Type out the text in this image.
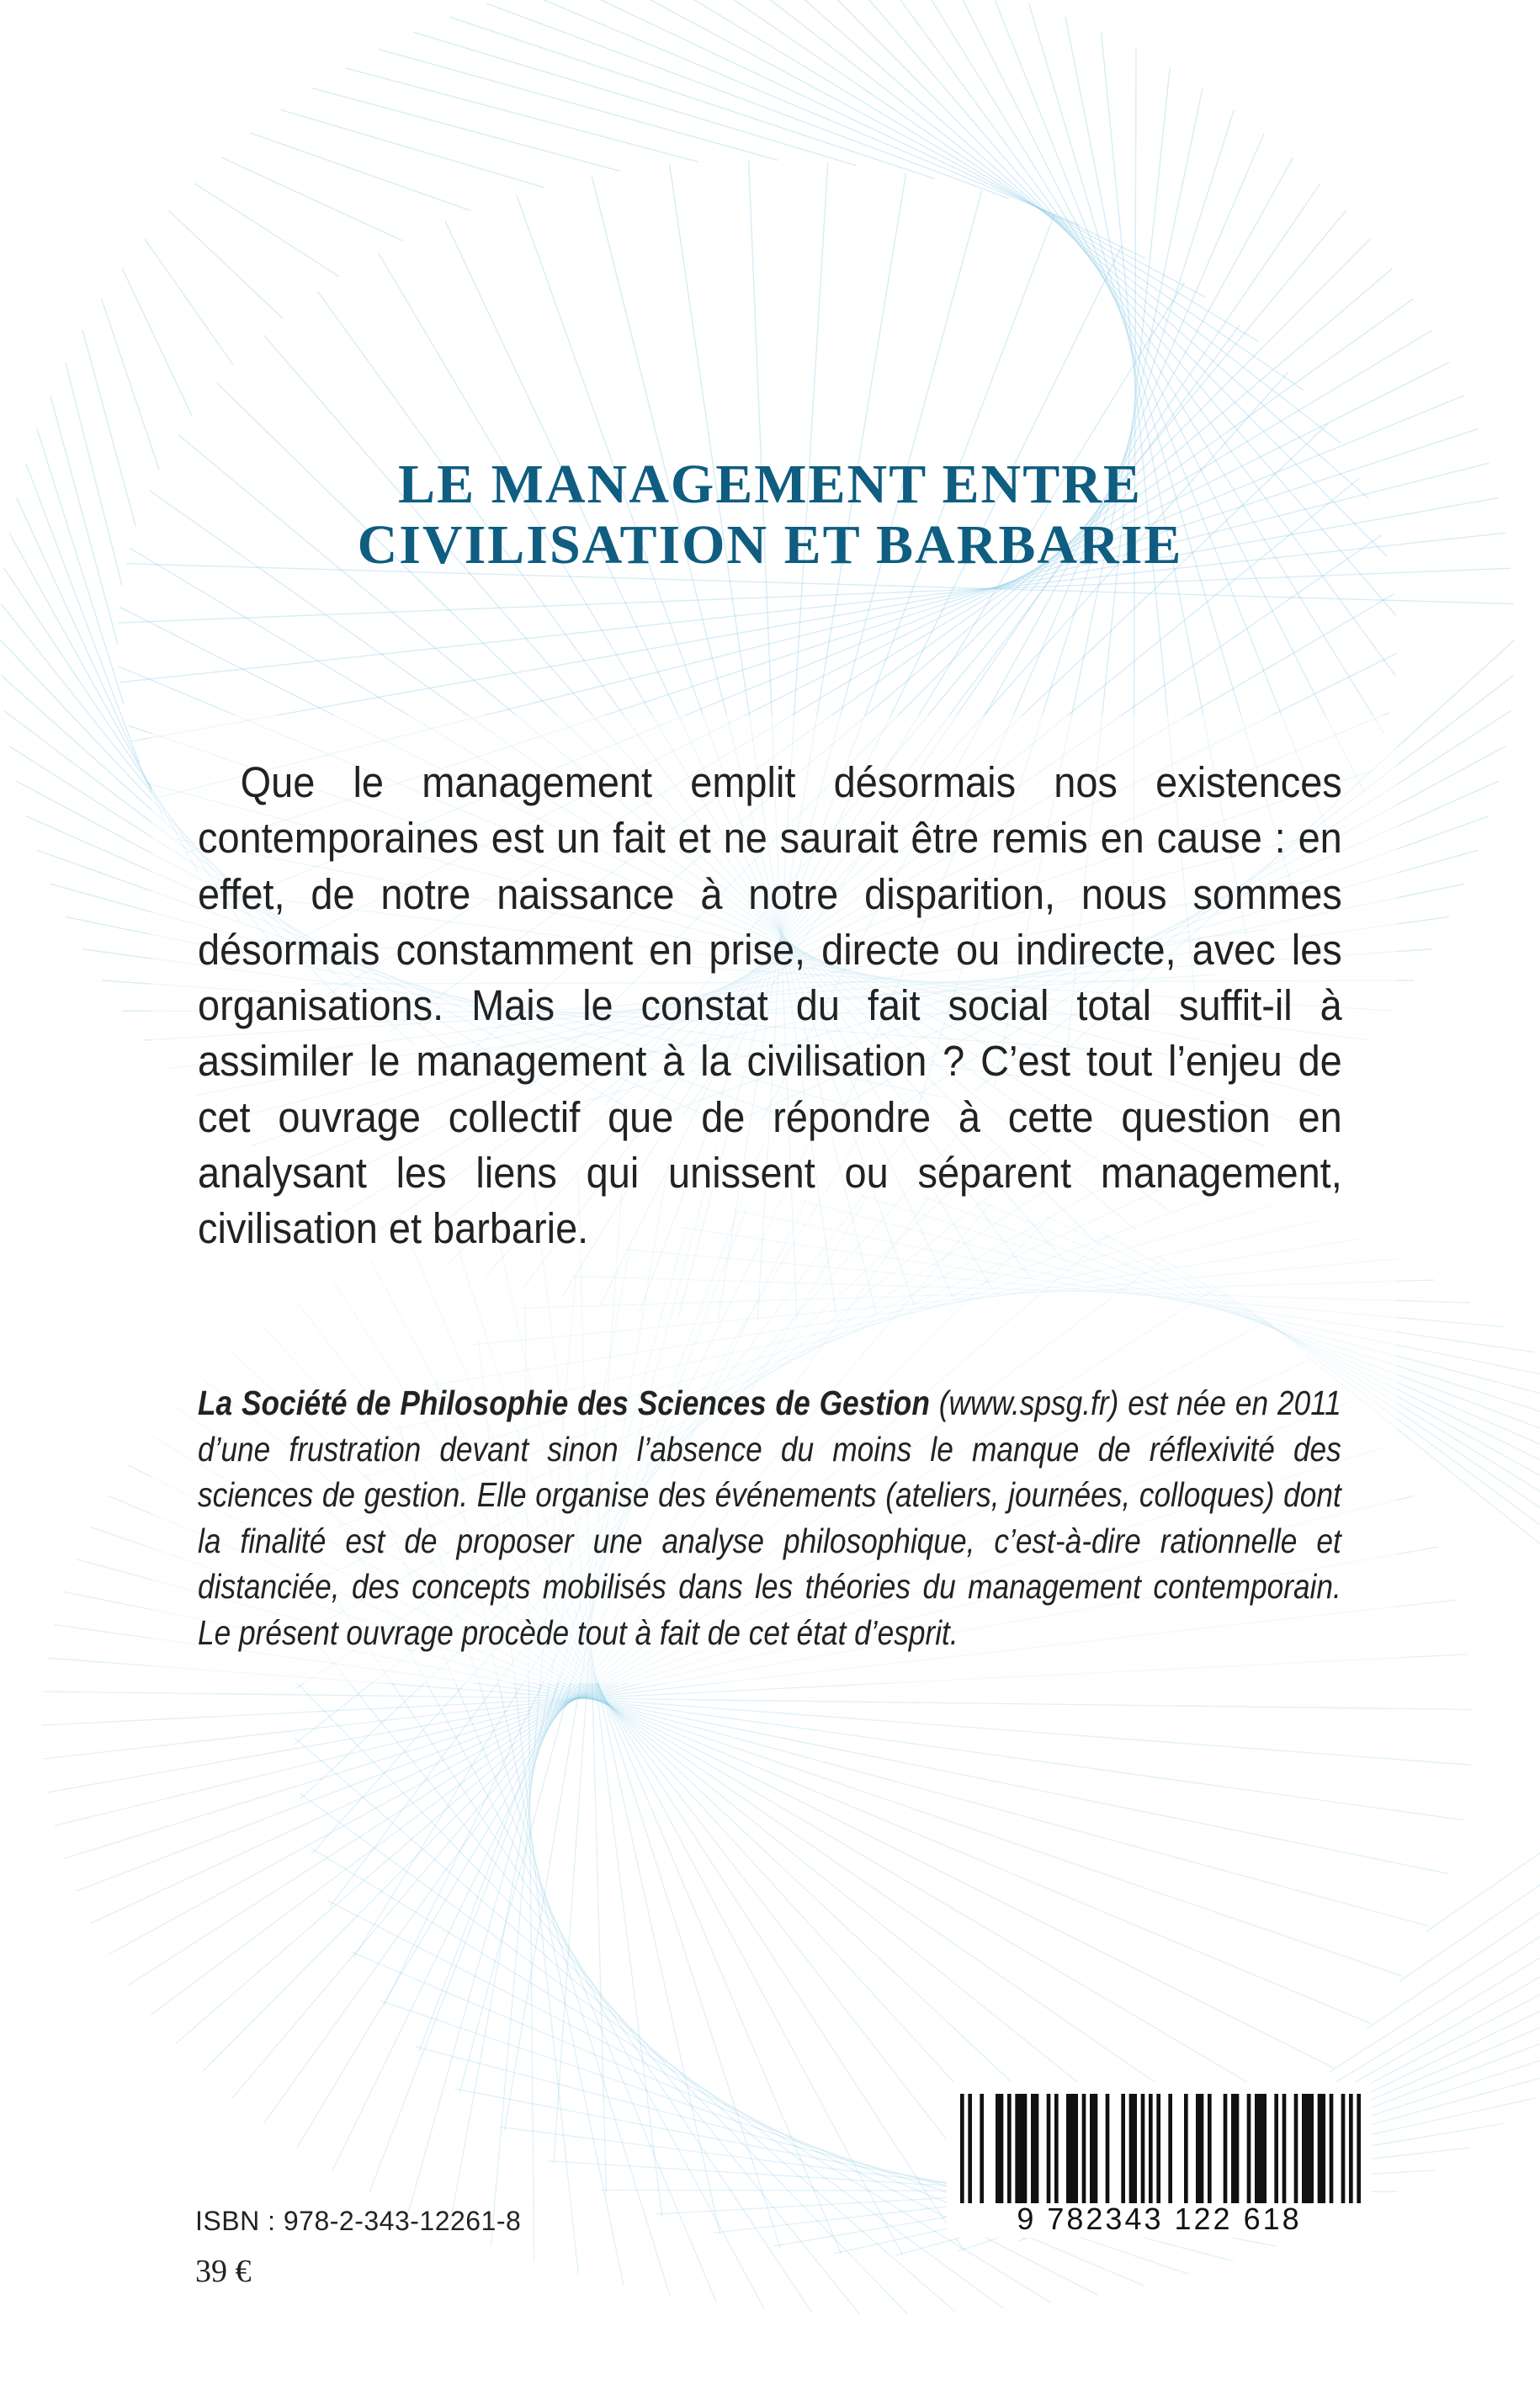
LE MANAGEMENT ENTRE
CIVILISATION ET BARBARIE
Que le management emplit désormais nos existences contemporaines est un fait et ne saurait être remis en cause : en effet, de notre naissance à notre disparition, nous sommes désormais constamment en prise, directe ou indirecte, avec les organisations. Mais le constat du fait social total suffit-il à assimiler le management à la civilisation ? C’est tout l’enjeu de cet ouvrage collectif que de répondre à cette question en analysant les liens qui unissent ou séparent management, civilisation et barbarie.
La Société de Philosophie des Sciences de Gestion (www.spsg.fr) est née en 2011 d’une frustration devant sinon l’absence du moins le manque de réflexivité des sciences de gestion. Elle organise des événements (ateliers, journées, colloques) dont la finalité est de proposer une analyse philosophique, c’est-à-dire rationnelle et distanciée, des concepts mobilisés dans les théories du management contemporain. Le présent ouvrage procède tout à fait de cet état d’esprit.
ISBN : 978-2-343-12261-8
39 €
9 782343 122 618
